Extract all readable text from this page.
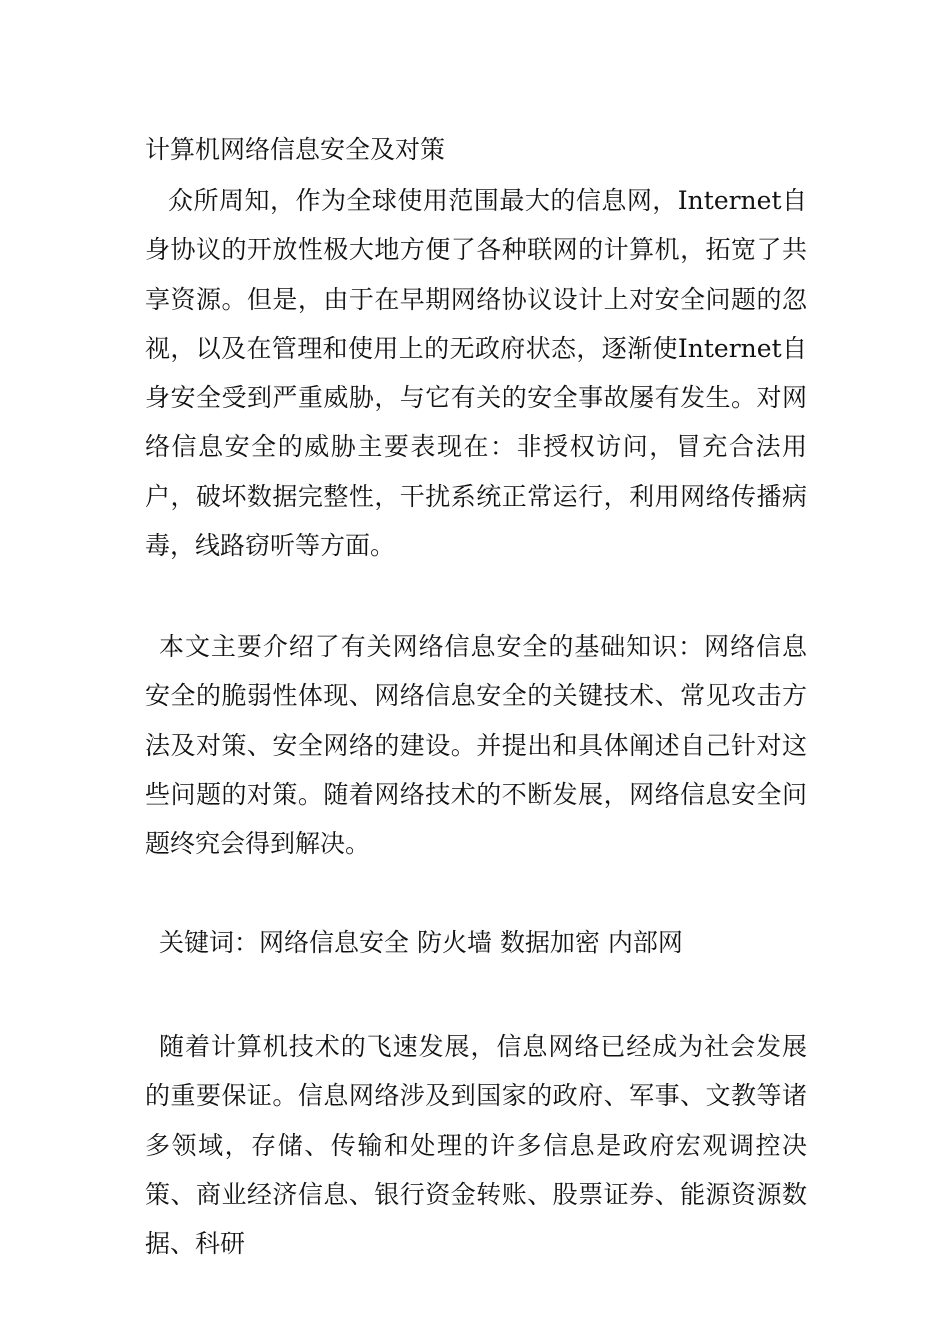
计算机网络信息安全及对策
众所周知，作为全球使用范围最大的信息网，Internet自身协议的开放性极大地方便了各种联网的计算机，拓宽了共享资源。但是，由于在早期网络协议设计上对安全问题的忽视，以及在管理和使用上的无政府状态，逐渐使Internet自身安全受到严重威胁，与它有关的安全事故屡有发生。对网络信息安全的威胁主要表现在：非授权访问，冒充合法用户，破坏数据完整性，干扰系统正常运行，利用网络传播病毒，线路窃听等方面。
本文主要介绍了有关网络信息安全的基础知识：网络信息安全的脆弱性体现、网络信息安全的关键技术、常见攻击方法及对策、安全网络的建设。并提出和具体阐述自己针对这些问题的对策。随着网络技术的不断发展，网络信息安全问题终究会得到解决。
关键词：网络信息安全 防火墙 数据加密 内部网
随着计算机技术的飞速发展，信息网络已经成为社会发展的重要保证。信息网络涉及到国家的政府、军事、文教等诸多领域，存储、传输和处理的许多信息是政府宏观调控决策、商业经济信息、银行资金转账、股票证券、能源资源数据、科研
